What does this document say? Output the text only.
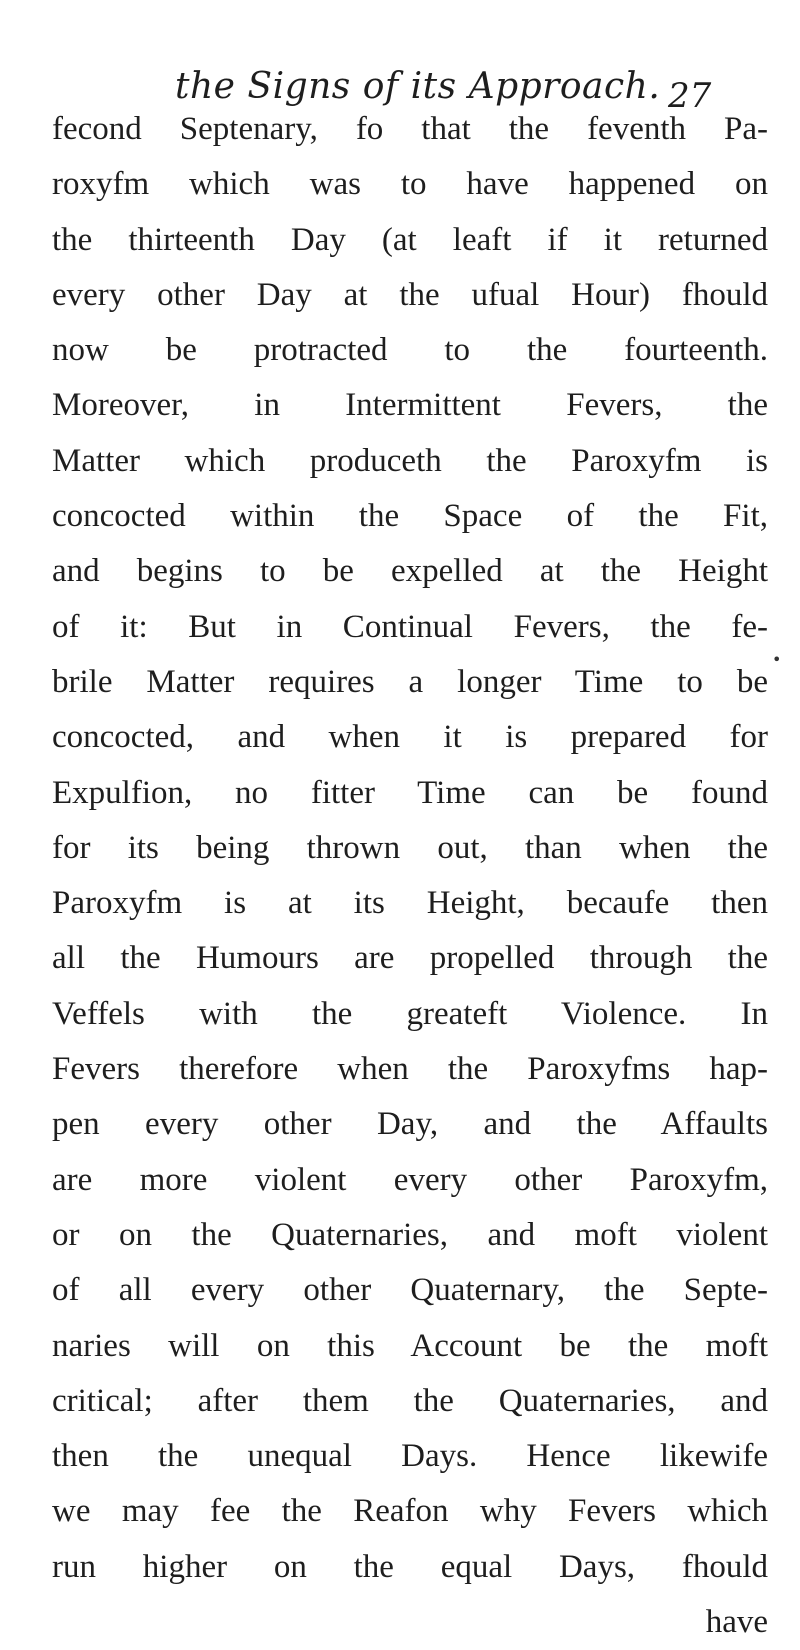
the Signs of its Approach. 27
•
fecond Septenary, fo that the feventh Pa-
roxyfm which was to have happened on
the thirteenth Day (at leaft if it returned
every other Day at the ufual Hour) fhould
now be protracted to the fourteenth.
Moreover, in Intermittent Fevers, the
Matter which produceth the Paroxyfm is
concocted within the Space of the Fit,
and begins to be expelled at the Height
of it: But in Continual Fevers, the fe-
brile Matter requires a longer Time to be
concocted, and when it is prepared for
Expulfion, no fitter Time can be found
for its being thrown out, than when the
Paroxyfm is at its Height, becaufe then
all the Humours are propelled through the
Veffels with the greateft Violence. In
Fevers therefore when the Paroxyfms hap-
pen every other Day, and the Affaults
are more violent every other Paroxyfm,
or on the Quaternaries, and moft violent
of all every other Quaternary, the Septe-
naries will on this Account be the moft
critical; after them the Quaternaries, and
then the unequal Days. Hence likewife
we may fee the Reafon why Fevers which
run higher on the equal Days, fhould
have
